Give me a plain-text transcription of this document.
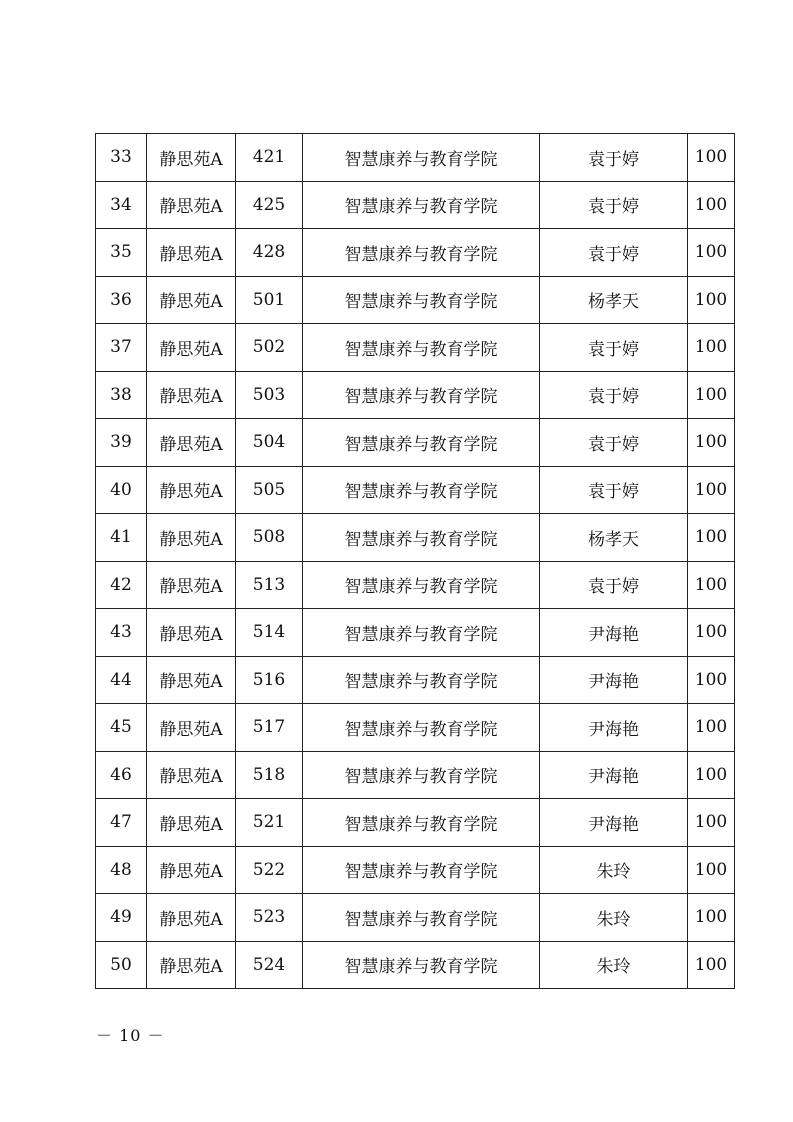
33	静思苑A	421	智慧康养与教育学院	袁于婷	100
34	静思苑A	425	智慧康养与教育学院	袁于婷	100
35	静思苑A	428	智慧康养与教育学院	袁于婷	100
36	静思苑A	501	智慧康养与教育学院	杨孝天	100
37	静思苑A	502	智慧康养与教育学院	袁于婷	100
38	静思苑A	503	智慧康养与教育学院	袁于婷	100
39	静思苑A	504	智慧康养与教育学院	袁于婷	100
40	静思苑A	505	智慧康养与教育学院	袁于婷	100
41	静思苑A	508	智慧康养与教育学院	杨孝天	100
42	静思苑A	513	智慧康养与教育学院	袁于婷	100
43	静思苑A	514	智慧康养与教育学院	尹海艳	100
44	静思苑A	516	智慧康养与教育学院	尹海艳	100
45	静思苑A	517	智慧康养与教育学院	尹海艳	100
46	静思苑A	518	智慧康养与教育学院	尹海艳	100
47	静思苑A	521	智慧康养与教育学院	尹海艳	100
48	静思苑A	522	智慧康养与教育学院	朱玲	100
49	静思苑A	523	智慧康养与教育学院	朱玲	100
50	静思苑A	524	智慧康养与教育学院	朱玲	100
－ 10 －
